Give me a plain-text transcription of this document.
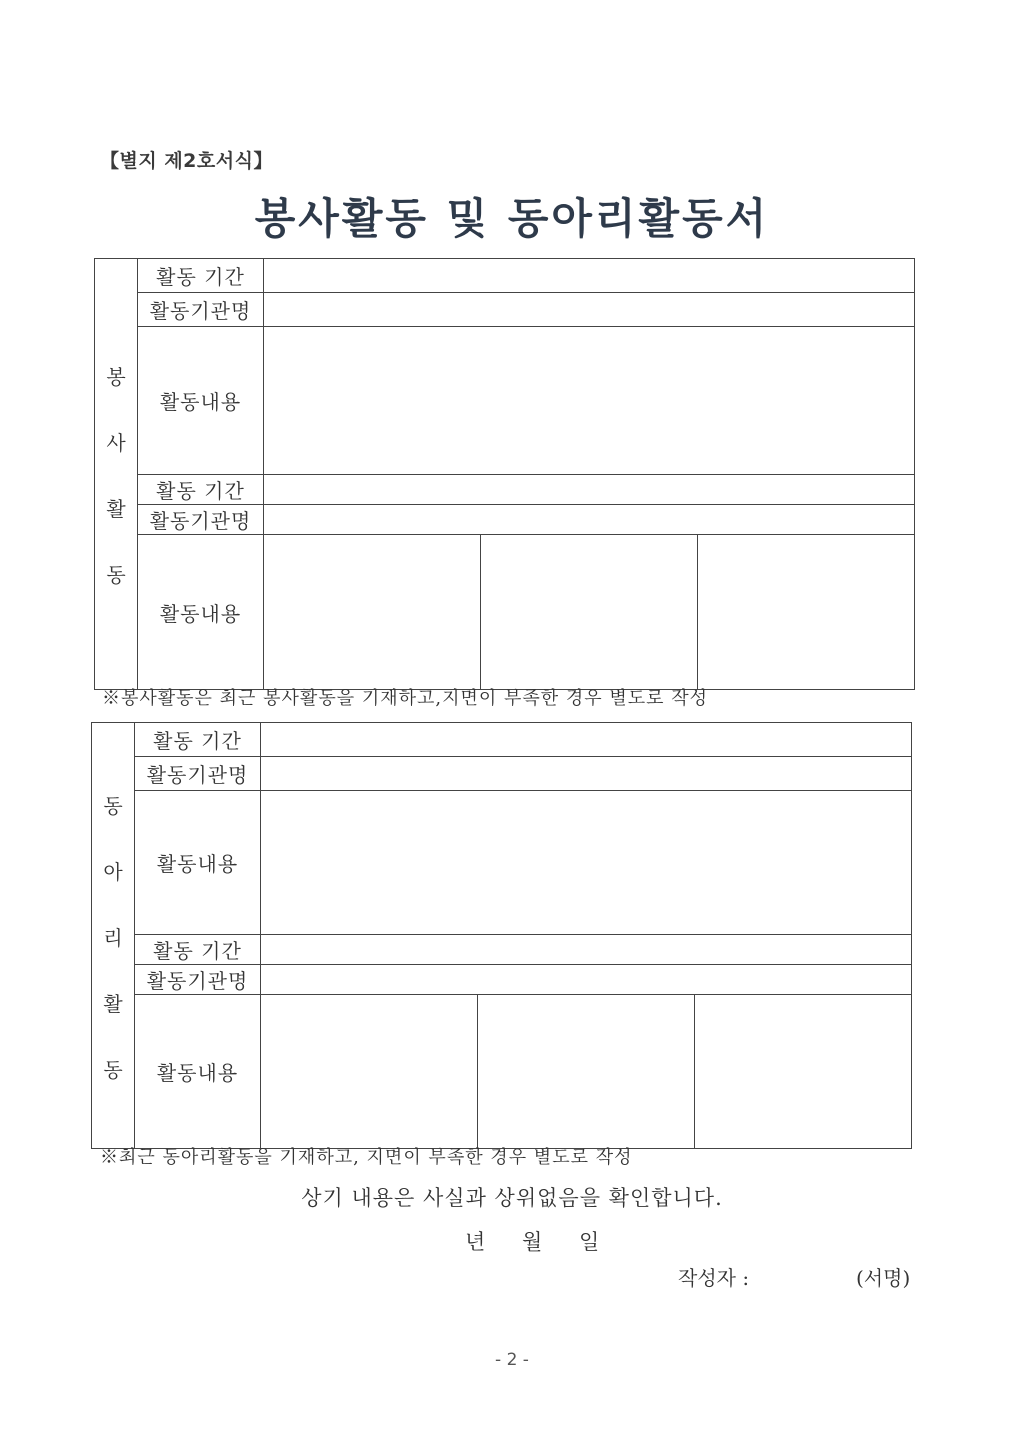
【별지 제2호서식】
봉사활동 및 동아리활동서
봉
사
활
동	활동 기간			
	활동기관명			
	활동내용			
	활동 기간			
	활동기관명			
	활동내용			
※봉사활동은 최근 봉사활동을 기재하고,지면이 부족한 경우 별도로 작성
동
아
리
활
동	활동 기간			
	활동기관명			
	활동내용			
	활동 기간			
	활동기관명			
	활동내용			
※최근 동아리활동을 기재하고, 지면이 부족한 경우 별도로 작성
상기 내용은 사실과 상위없음을 확인합니다.
년 월 일
작성자 :	(서명)
- 2 -
